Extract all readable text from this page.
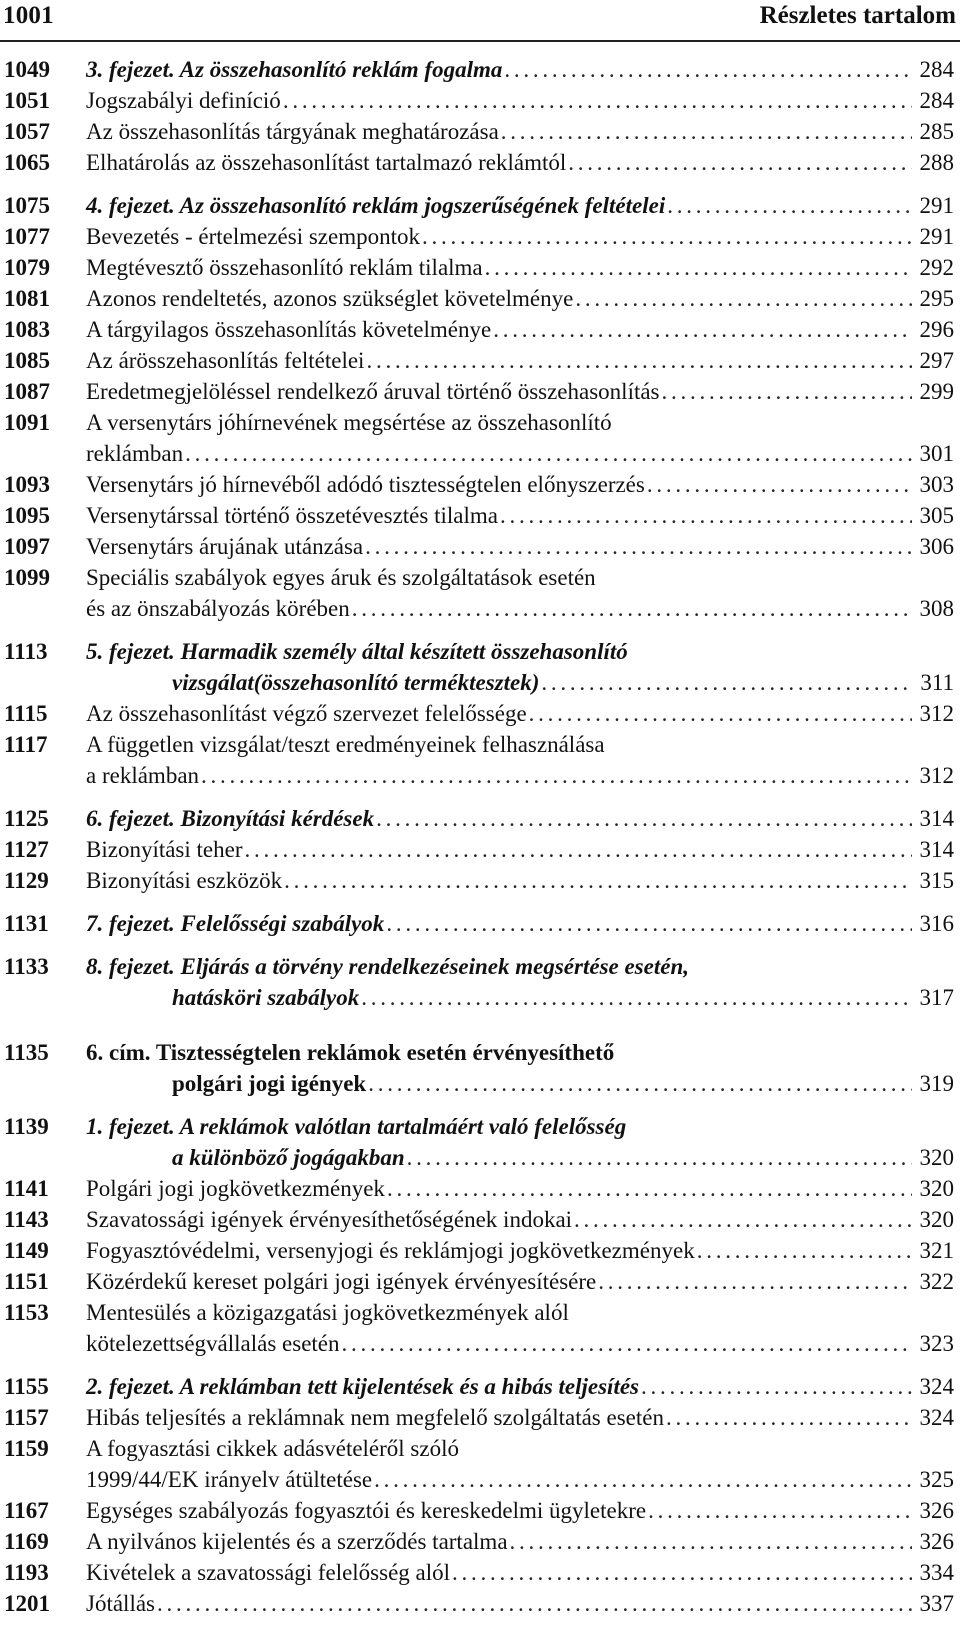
1001	Részletes tartalom
1049	3. fejezet. Az összehasonlító reklám fogalma . . .	284
1051	Jogszabályi definíció . . .	284
1057	Az összehasonlítás tárgyának meghatározása . . .	285
1065	Elhatárolás az összehasonlítást tartalmazó reklámtól . . .	288
1075	4. fejezet. Az összehasonlító reklám jogszerűségének feltételei . . .	291
1077	Bevezetés - értelmezési szempontok . . .	291
1079	Megtévesztő összehasonlító reklám tilalma . . .	292
1081	Azonos rendeltetés, azonos szükséglet követelménye . . .	295
1083	A tárgyilagos összehasonlítás követelménye . . .	296
1085	Az árösszehasonlítás feltételei . . .	297
1087	Eredetmegjelöléssel rendelkező áruval történő összehasonlítás . . .	299
1091	A versenytárs jóhírnevének megsértése az összehasonlító
reklámban . . .	301
1093	Versenytárs jó hírnevéből adódó tisztességtelen előnyszerzés . . .	303
1095	Versenytárssal történő összetévesztés tilalma . . .	305
1097	Versenytárs árujának utánzása . . .	306
1099	Speciális szabályok egyes áruk és szolgáltatások esetén
és az önszabályozás körében . . .	308
1113	5. fejezet. Harmadik személy által készített összehasonlító
vizsgálat(összehasonlító terméktesztek) . . .	311
1115	Az összehasonlítást végző szervezet felelőssége . . .	312
1117	A független vizsgálat/teszt eredményeinek felhasználása
a reklámban . . .	312
1125	6. fejezet. Bizonyítási kérdések . . .	314
1127	Bizonyítási teher . . .	314
1129	Bizonyítási eszközök . . .	315
1131	7. fejezet. Felelősségi szabályok . . .	316
1133	8. fejezet. Eljárás a törvény rendelkezéseinek megsértése esetén,
hatásköri szabályok . . .	317
1135	6. cím. Tisztességtelen reklámok esetén érvényesíthető
polgári jogi igények . . .	319
1139	1. fejezet. A reklámok valótlan tartalmáért való felelősség
a különböző jogágakban . . .	320
1141	Polgári jogi jogkövetkezmények . . .	320
1143	Szavatossági igények érvényesíthetőségének indokai . . .	320
1149	Fogyasztóvédelmi, versenyjogi és reklámjogi jogkövetkezmények . . .	321
1151	Közérdekű kereset polgári jogi igények érvényesítésére . . .	322
1153	Mentesülés a közigazgatási jogkövetkezmények alól
kötelezettségvállalás esetén . . .	323
1155	2. fejezet. A reklámban tett kijelentések és a hibás teljesítés . . .	324
1157	Hibás teljesítés a reklámnak nem megfelelő szolgáltatás esetén . . .	324
1159	A fogyasztási cikkek adásvételéről szóló
1999/44/EK irányelv átültetése . . .	325
1167	Egységes szabályozás fogyasztói és kereskedelmi ügyletekre . . .	326
1169	A nyilvános kijelentés és a szerződés tartalma . . .	326
1193	Kivételek a szavatossági felelősség alól . . .	334
1201	Jótállás . . .	337
